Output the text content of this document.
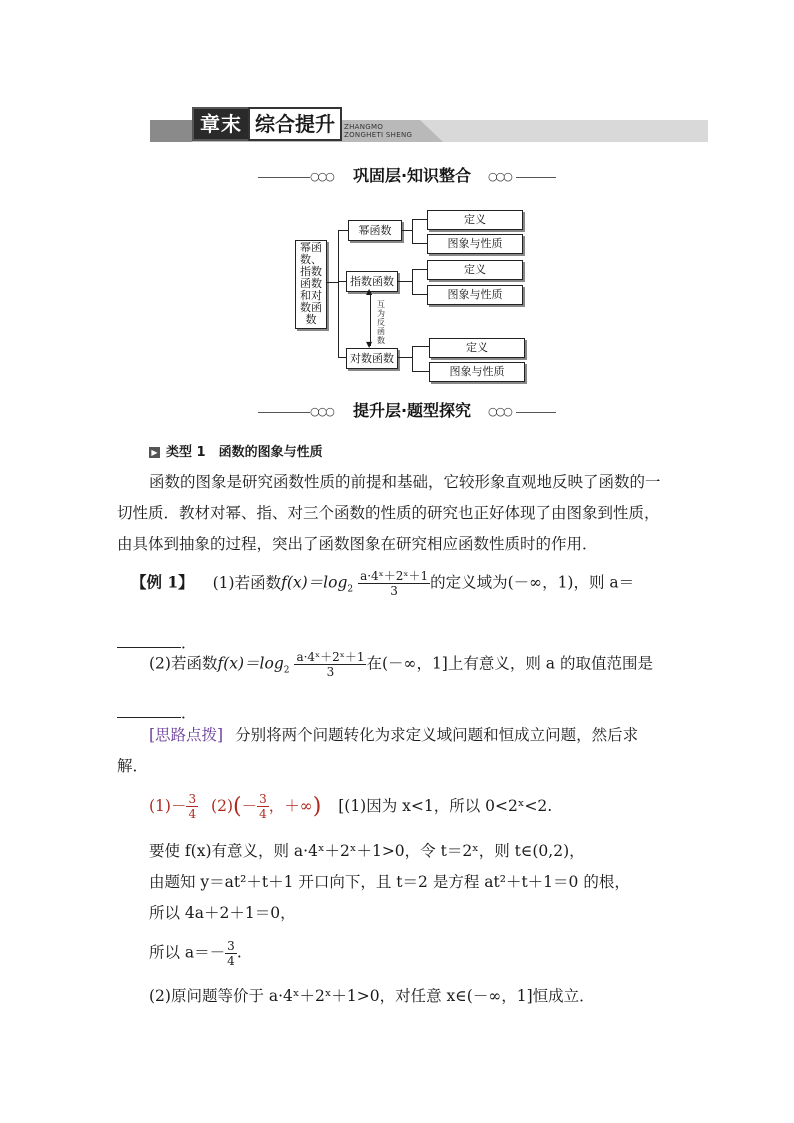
章末 综合提升	ZHANGMO
ZONGHETI SHENG
○○○	巩固层·知识整合	○○○
幂函
数、
指数
函数
和对
数函
数
幂函数
指数函数
对数函数
▲
▼
互
为
反
函
数
定义
图象与性质
定义
图象与性质
定义
图象与性质
○○○	提升层·题型探究	○○○
▶ 类型 1　函数的图象与性质
函数的图象是研究函数性质的前提和基础，它较形象直观地反映了函数的一
切性质．教材对幂、指、对三个函数的性质的研究也正好体现了由图象到性质，
由具体到抽象的过程，突出了函数图象在研究相应函数性质时的作用．
【例 1】 (1)若函数$f(x)=\log_2 \frac{\text{a·4ˣ＋2ˣ＋1}}{3}$ 的定义域为(－∞，1)，则 a＝
．
(2)若函数$f(x)=\log_2 \frac{\text{a·4ˣ＋2ˣ＋1}}{3}$ 在(－∞，1]上有意义，则 a 的取值范围是
．
[思路点拨] 分别将两个问题转化为求定义域问题和恒成立问题，然后求
解．
$(1)- \frac{3}{4} (2)(- \frac{3}{4}$ ，＋∞) [(1)因为 x<1，所以 0<2ˣ<2.
要使 f(x)有意义，则 a·4ˣ＋2ˣ＋1>0，令 t＝2ˣ，则 t∈(0,2)，
由题知 y＝at²＋t＋1 开口向下，且 t＝2 是方程 at²＋t＋1＝0 的根，
所以 4a＋2＋1＝0，
所以 $a=- \frac{3}{4}$ .
(2)原问题等价于 a·4ˣ＋2ˣ＋1>0，对任意 x∈(－∞，1]恒成立．
